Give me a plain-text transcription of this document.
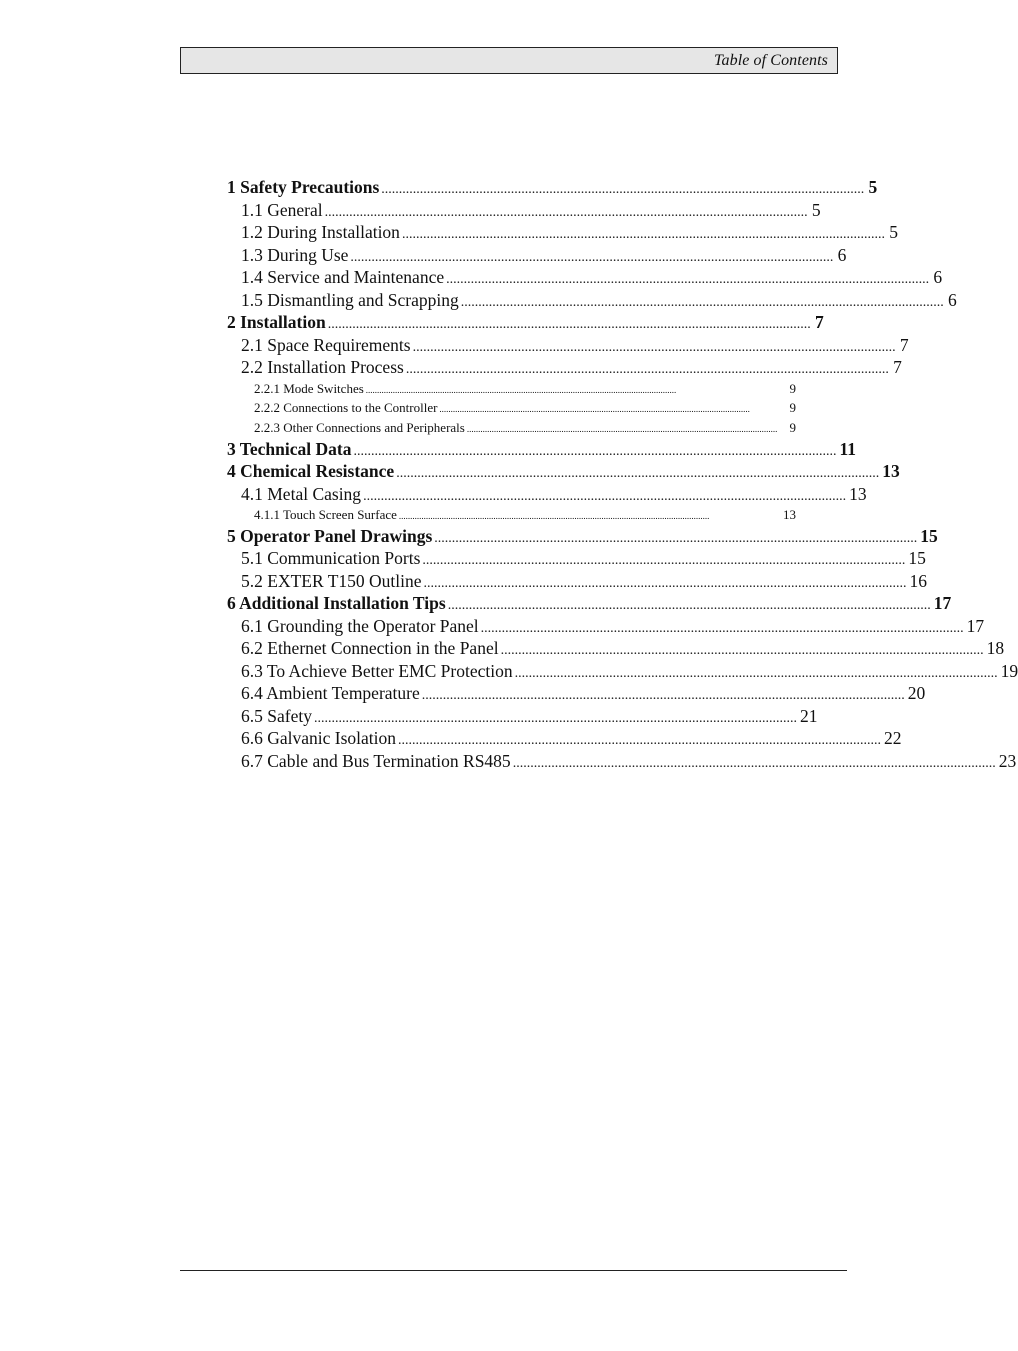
Table of Contents
1 Safety Precautions .......................................................................................................................................... 5
1.1 General .......................................................................................................................................... 5
1.2 During Installation .......................................................................................................................................... 5
1.3 During Use .......................................................................................................................................... 6
1.4 Service and Maintenance .......................................................................................................................................... 6
1.5 Dismantling and Scrapping .......................................................................................................................................... 6
2 Installation .......................................................................................................................................... 7
2.1 Space Requirements .......................................................................................................................................... 7
2.2 Installation Process .......................................................................................................................................... 7
2.2.1 Mode Switches ..........................................................................................................................................	9
2.2.2 Connections to the Controller ..........................................................................................................................................	9
2.2.3 Other Connections and Peripherals .......................................................................................................................................... 9
3 Technical Data .......................................................................................................................................... 11
4 Chemical Resistance .......................................................................................................................................... 13
4.1 Metal Casing .......................................................................................................................................... 13
4.1.1 Touch Screen Surface ..........................................................................................................................................	13
5 Operator Panel Drawings .......................................................................................................................................... 15
5.1 Communication Ports .......................................................................................................................................... 15
5.2 EXTER T150 Outline .......................................................................................................................................... 16
6 Additional Installation Tips .......................................................................................................................................... 17
6.1 Grounding the Operator Panel .......................................................................................................................................... 17
6.2 Ethernet Connection in the Panel .......................................................................................................................................... 18
6.3 To Achieve Better EMC Protection .......................................................................................................................................... 19
6.4 Ambient Temperature .......................................................................................................................................... 20
6.5 Safety .......................................................................................................................................... 21
6.6 Galvanic Isolation .......................................................................................................................................... 22
6.7 Cable and Bus Termination RS485 .......................................................................................................................................... 23
